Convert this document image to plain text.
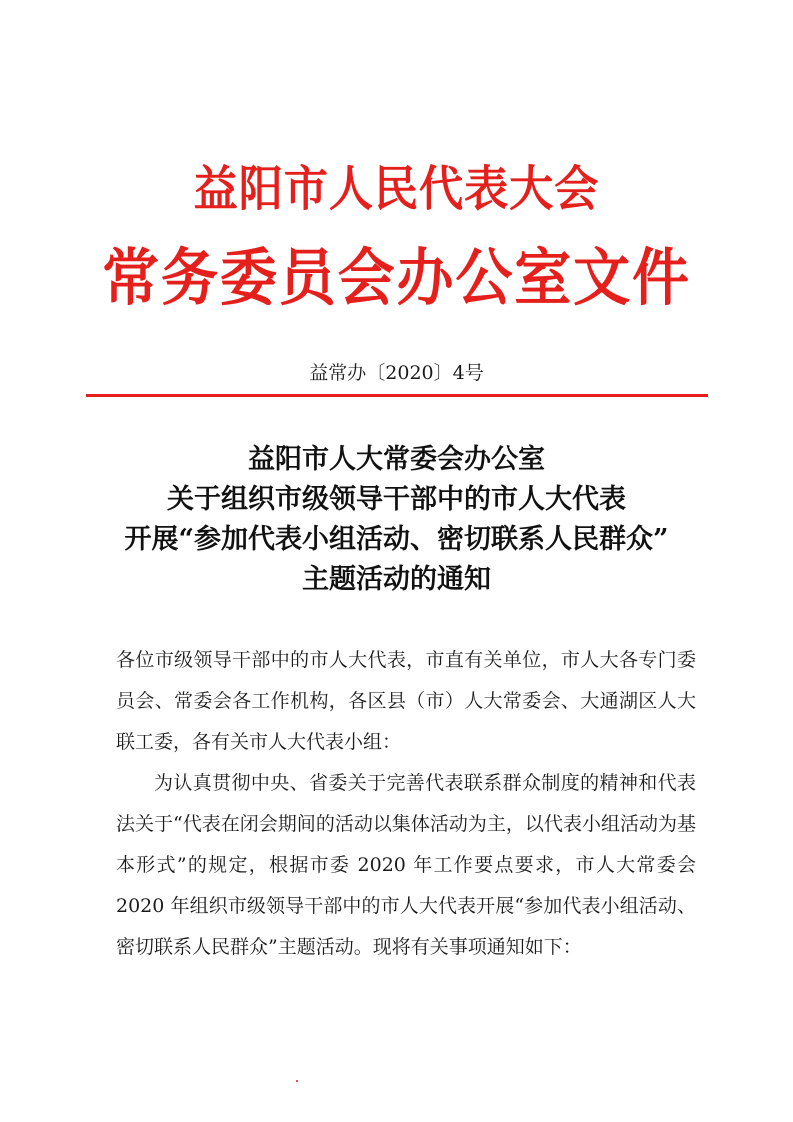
益阳市人民代表大会
常务委员会办公室文件
益常办〔2020〕4号
益阳市人大常委会办公室
关于组织市级领导干部中的市人大代表
开展“参加代表小组活动、密切联系人民群众”
主题活动的通知

各位市级领导干部中的市人大代表，市直有关单位，市人大各专门委员会、常委会各工作机构，各区县（市）人大常委会、大通湖区人大联工委，各有关市人大代表小组：

为认真贯彻中央、省委关于完善代表联系群众制度的精神和代表法关于“代表在闭会期间的活动以集体活动为主，以代表小组活动为基本形式”的规定，根据市委 2020 年工作要点要求，市人大常委会 2020 年组织市级领导干部中的市人大代表开展“参加代表小组活动、密切联系人民群众”主题活动。现将有关事项通知如下：
